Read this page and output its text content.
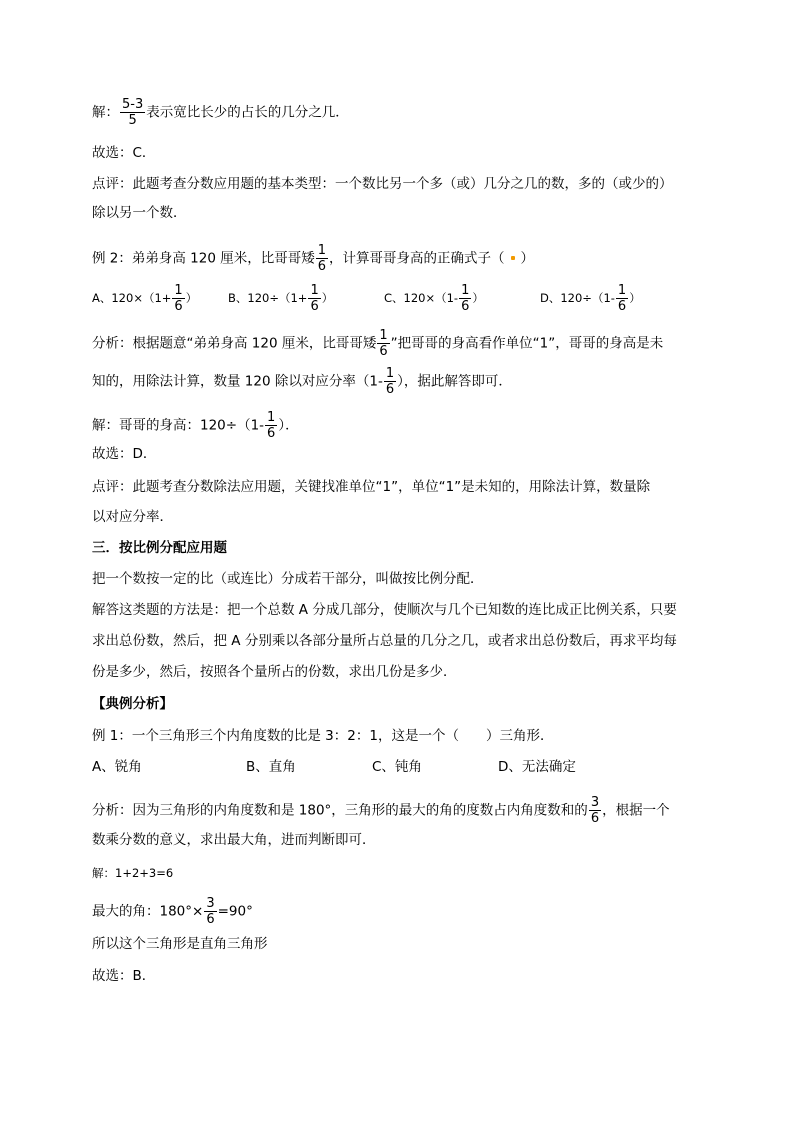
解： $\frac{5-3}{5}$ 表示宽比长少的占长的几分之几．
故选：C．
点评：此题考查分数应用题的基本类型：一个数比另一个多（或）几分之几的数，多的（或少的）
除以另一个数．
例 2：弟弟身高 120 厘米，比哥哥矮 $\frac{1}{6}$ ，计算哥哥身高的正确式子（ ）
A、$120\times(1+ \frac{1}{6}$ ）	B、$120\div(1+ \frac{1}{6}$ ）	C、$120\times(1- \frac{1}{6}$ ）	D、$120\div(1- \frac{1}{6}$ ）
分析：根据题意“弟弟身高 120 厘米，比哥哥矮 $\frac{1}{6}$ ”把哥哥的身高看作单位“1”，哥哥的身高是未
知的，用除法计算，数量 120 除以对应分率（$1- \frac{1}{6}$ ），据此解答即可．
解：哥哥的身高：$120\div(1- \frac{1}{6}$ ）．
故选：D．
点评：此题考查分数除法应用题，关键找准单位“1”，单位“1”是未知的，用除法计算，数量除
以对应分率．
三．按比例分配应用题
把一个数按一定的比（或连比）分成若干部分，叫做按比例分配．
解答这类题的方法是：把一个总数 A 分成几部分，使顺次与几个已知数的连比成正比例关系，只要
求出总份数，然后，把 A 分别乘以各部分量所占总量的几分之几，或者求出总份数后，再求平均每
份是多少，然后，按照各个量所占的份数，求出几份是多少．
【典例分析】
例 1：一个三角形三个内角度数的比是 3：2：1，这是一个（　　）三角形．
A、锐角	B、直角	C、钝角	D、无法确定
分析：因为三角形的内角度数和是 180°，三角形的最大的角的度数占内角度数和的 $\frac{3}{6}$ ，根据一个
数乘分数的意义，求出最大角，进而判断即可．
解：1+2+3=6
最大的角：$180^\circ\times \frac{3}{6} =90^\circ$
所以这个三角形是直角三角形
故选：B．
